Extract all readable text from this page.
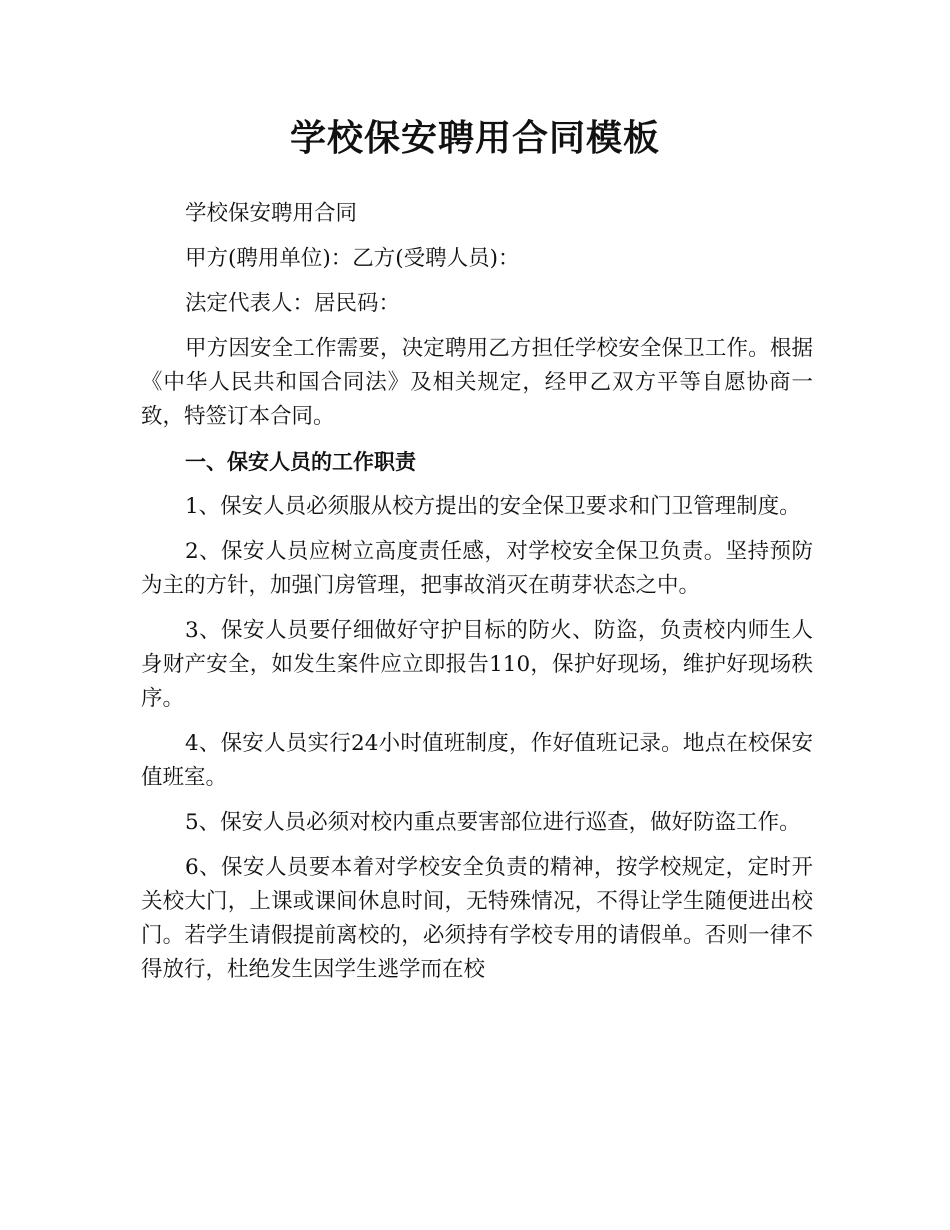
学校保安聘用合同模板

学校保安聘用合同

甲方(聘用单位)：乙方(受聘人员)：

法定代表人：居民码：

甲方因安全工作需要，决定聘用乙方担任学校安全保卫工作。根据《中华人民共和国合同法》及相关规定，经甲乙双方平等自愿协商一致，特签订本合同。

一、保安人员的工作职责

1、保安人员必须服从校方提出的安全保卫要求和门卫管理制度。

2、保安人员应树立高度责任感，对学校安全保卫负责。坚持预防为主的方针，加强门房管理，把事故消灭在萌芽状态之中。

3、保安人员要仔细做好守护目标的防火、防盗，负责校内师生人身财产安全，如发生案件应立即报告110，保护好现场，维护好现场秩序。

4、保安人员实行24小时值班制度，作好值班记录。地点在校保安值班室。

5、保安人员必须对校内重点要害部位进行巡查，做好防盗工作。

6、保安人员要本着对学校安全负责的精神，按学校规定，定时开关校大门，上课或课间休息时间，无特殊情况，不得让学生随便进出校门。若学生请假提前离校的，必须持有学校专用的请假单。否则一律不得放行，杜绝发生因学生逃学而在校
